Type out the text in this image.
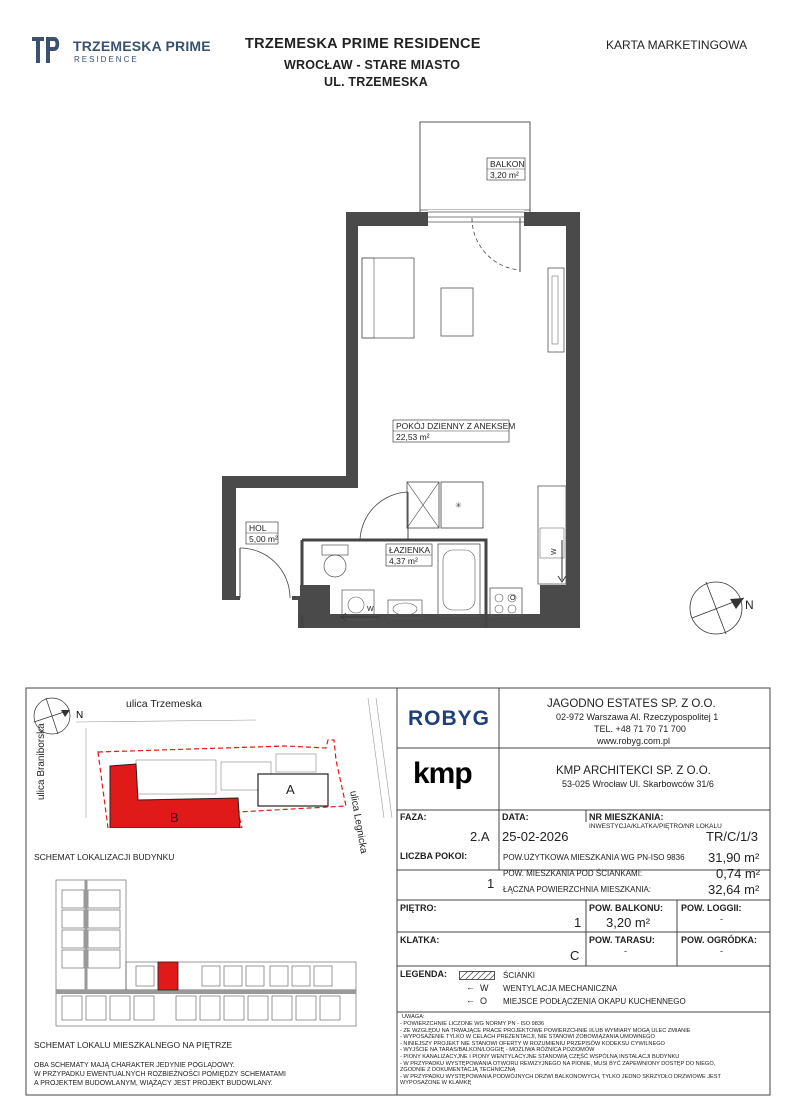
TRZEMESKA PRIME
RESIDENCE
TRZEMESKA PRIME RESIDENCE
WROCŁAW - STARE MIASTO
UL. TRZEMESKA
KARTA MARKETINGOWA
✳
W
BALKON
3,20 m²
POKÓJ DZIENNY Z ANEKSEM
22,53 m²
HOL
5,00 m²
ŁAZIENKA
4,37 m²
N
W
O
N
ulica Trzemeska
ulica Braniborska
ulica Legnicka
A
B
SCHEMAT LOKALIZACJI BUDYNKU
SCHEMAT LOKALU MIESZKALNEGO NA PIĘTRZE
OBA SCHEMATY MAJĄ CHARAKTER JEDYNIE POGLĄDOWY.
W PRZYPADKU EWENTUALNYCH ROZBIEŻNOŚCI POMIĘDZY SCHEMATAMI
A PROJEKTEM BUDOWLANYM, WIĄŻĄCY JEST PROJEKT BUDOWLANY.
ROBYG
kmp
JAGODNO ESTATES SP. Z O.O.
02-972 Warszawa Al. Rzeczypospolitej 1
TEL. +48 71 70 71 700
www.robyg.com.pl
KMP ARCHITEKCI SP. Z O.O.
53-025 Wrocław Ul. Skarbowców 31/6
FAZA:
2.A
DATA:
25-02-2026
NR MIESZKANIA:
INWESTYCJA/KLATKA/PIĘTRO/NR LOKALU
TR/C/1/3
LICZBA POKOI:
1
POW.UŻYTKOWA MIESZKANIA WG PN-ISO 9836 31,90 m²
POW. MIESZKANIA POD ŚCIANKAMI:	0,74 m²
ŁĄCZNA POWIERZCHNIA MIESZKANIA:	32,64 m²
PIĘTRO:
1
POW. BALKONU:
3,20 m²
POW. LOGGII:
-
KLATKA:
C
POW. TARASU:
-
POW. OGRÓDKA:
-
LEGENDA:	ŚCIANKI
← W WENTYLACJA MECHANICZNA
← O MIEJSCE PODŁĄCZENIA OKAPU KUCHENNEGO
UWAGA:
- POWIERZCHNIE LICZONE WG NORMY PN - ISO 9836
- ZE WZGLĘDU NA TRWAJĄCE PRACE PROJEKTOWE POWIERZCHNIE I/LUB WYMIARY MOGĄ ULEC ZMIANIE
- WYPOSAŻENIE TYLKO W CELACH PREZENTACJI, NIE STANOWI ZOBOWIĄZANIA UMOWNEGO
- NINIEJSZY PROJEKT NIE STANOWI OFERTY W ROZUMIENIU PRZEPISÓW KODEKSU CYWILNEGO
- WYJŚCIE NA TARAS/BALKON/LOGGIĘ - MOŻLIWA RÓŻNICA POZIOMÓW
- PIONY KANALIZACYJNE I PIONY WENTYLACYJNE STANOWIĄ CZĘŚĆ WSPÓLNĄ INSTALACJI BUDYNKU
- W PRZYPADKU WYSTĘPOWANIA OTWORU REWIZYJNEGO NA PIONIE, MUSI BYĆ ZAPEWNIONY DOSTĘP DO NIEGO,
ZGODNIE Z DOKUMENTACJĄ TECHNICZNĄ
- W PRZYPADKU WYSTĘPOWANIA PODWÓJNYCH DRZWI BALKONOWYCH, TYLKO JEDNO SKRZYDŁO DRZWIOWE JEST
WYPOSAŻONE W KLAMKĘ
